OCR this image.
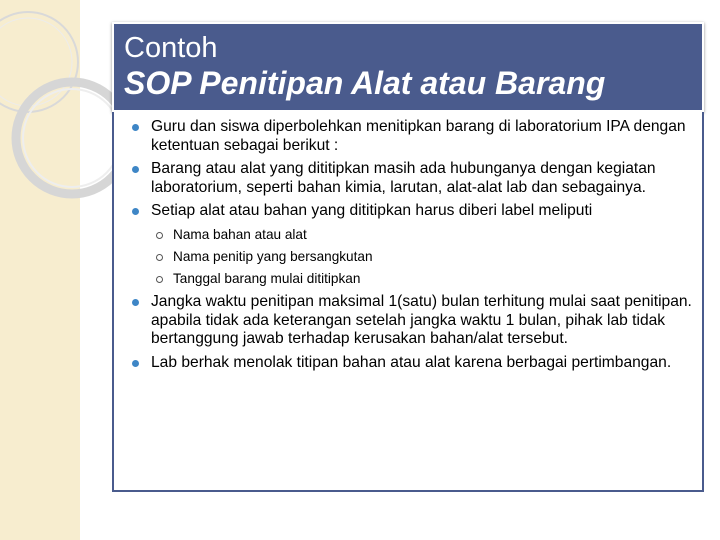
Contoh
SOP Penitipan Alat atau Barang
Guru dan siswa diperbolehkan menitipkan barang di laboratorium IPA dengan ketentuan sebagai berikut :
Barang atau alat yang dititipkan masih ada hubunganya dengan kegiatan laboratorium, seperti bahan kimia, larutan, alat-alat lab dan sebagainya.
Setiap alat atau bahan yang dititipkan harus diberi label meliputi
Nama bahan atau alat
Nama penitip yang bersangkutan
Tanggal barang mulai dititipkan
Jangka waktu penitipan maksimal 1(satu) bulan terhitung mulai saat penitipan. apabila tidak ada keterangan setelah jangka waktu 1 bulan, pihak lab tidak bertanggung jawab terhadap kerusakan bahan/alat tersebut.
Lab berhak menolak titipan bahan atau alat karena berbagai pertimbangan.
